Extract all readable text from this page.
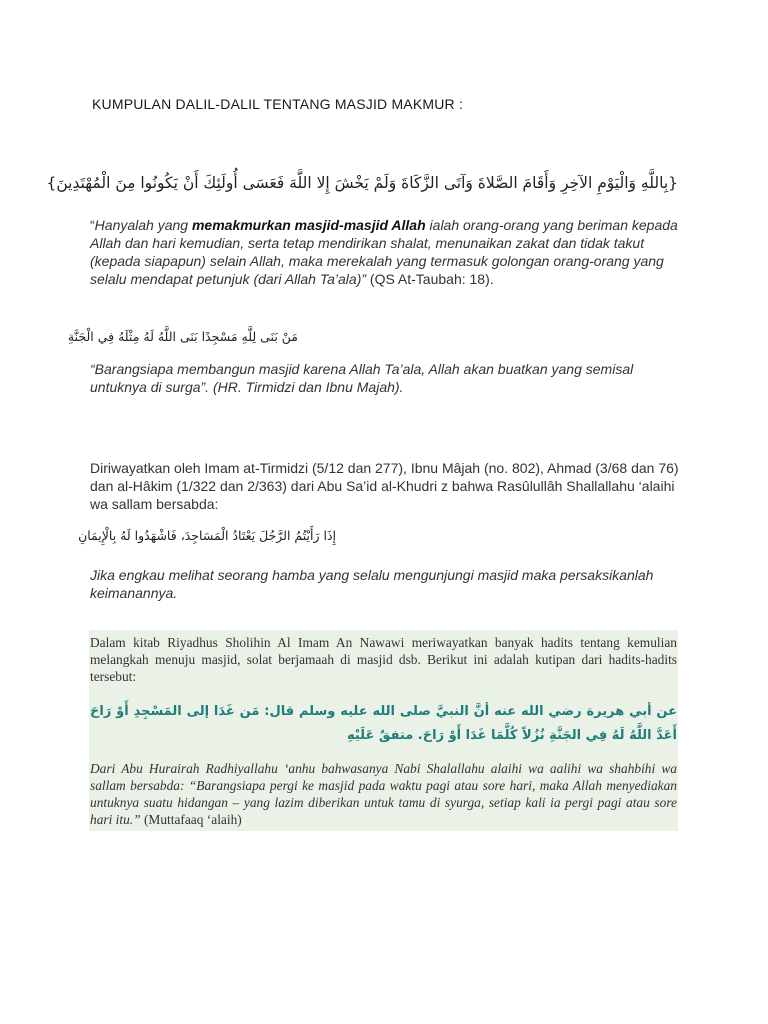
KUMPULAN DALIL-DALIL TENTANG MASJID MAKMUR :
{بِاللَّهِ وَالْيَوْمِ الآخِرِ وَأَقَامَ الصَّلاةَ وَآتَى الزَّكَاةَ وَلَمْ يَخْشَ إِلا اللَّهَ فَعَسَى أُولَئِكَ أَنْ يَكُونُوا مِنَ الْمُهْتَدِينَ}
“Hanyalah yang memakmurkan masjid-masjid Allah ialah orang-orang yang beriman kepada Allah dan hari kemudian, serta tetap mendirikan shalat, menunaikan zakat dan tidak takut (kepada siapapun) selain Allah, maka merekalah yang termasuk golongan orang-orang yang selalu mendapat petunjuk (dari Allah Ta’ala)” (QS At-Taubah: 18).
مَنْ بَنَى لِلَّهِ مَسْجِدًا بَنَى اللَّهُ لَهُ مِثْلَهُ فِي الْجَنَّةِ
“Barangsiapa membangun masjid karena Allah Ta’ala, Allah akan buatkan yang semisal untuknya di surga”. (HR. Tirmidzi dan Ibnu Majah).
Diriwayatkan oleh Imam at-Tirmidzi (5/12 dan 277), Ibnu Mâjah (no. 802), Ahmad (3/68 dan 76) dan al-Hâkim (1/322 dan 2/363) dari Abu Sa’id al-Khudri z bahwa Rasûlullâh Shallallahu ‘alaihi wa sallam bersabda:
إِذَا رَأَيْتُمُ الرَّجُلَ يَعْتَادُ الْمَسَاجِدَ، فَاشْهَدُوا لَهُ بِالْإِيمَانِ
Jika engkau melihat seorang hamba yang selalu mengunjungi masjid maka persaksikanlah keimanannya.
Dalam kitab Riyadhus Sholihin Al Imam An Nawawi meriwayatkan banyak hadits tentang kemulian melangkah menuju masjid, solat berjamaah di masjid dsb. Berikut ini adalah kutipan dari hadits-hadits tersebut:
عن أبي هريرة رضي الله عنه أنَّ النبيَّ صلى الله عليه وسلم قال: مَن غَدَا إلى المَسْجِدِ أَوْ رَاحَ أَعَدَّ اللَّهُ لَهُ فِي الجَنَّةِ نُزُلاً كُلَّمَا غَدَا أَوْ رَاحَ. متفقٌ عَلَيْهِ
Dari Abu Hurairah Radhiyallahu ‘anhu bahwasanya Nabi Shalallahu alaihi wa aalihi wa shahbihi wa sallam bersabda: “Barangsiapa pergi ke masjid pada waktu pagi atau sore hari, maka Allah menyediakan untuknya suatu hidangan – yang lazim diberikan untuk tamu di syurga, setiap kali ia pergi pagi atau sore hari itu.” (Muttafaaq ‘alaih)
